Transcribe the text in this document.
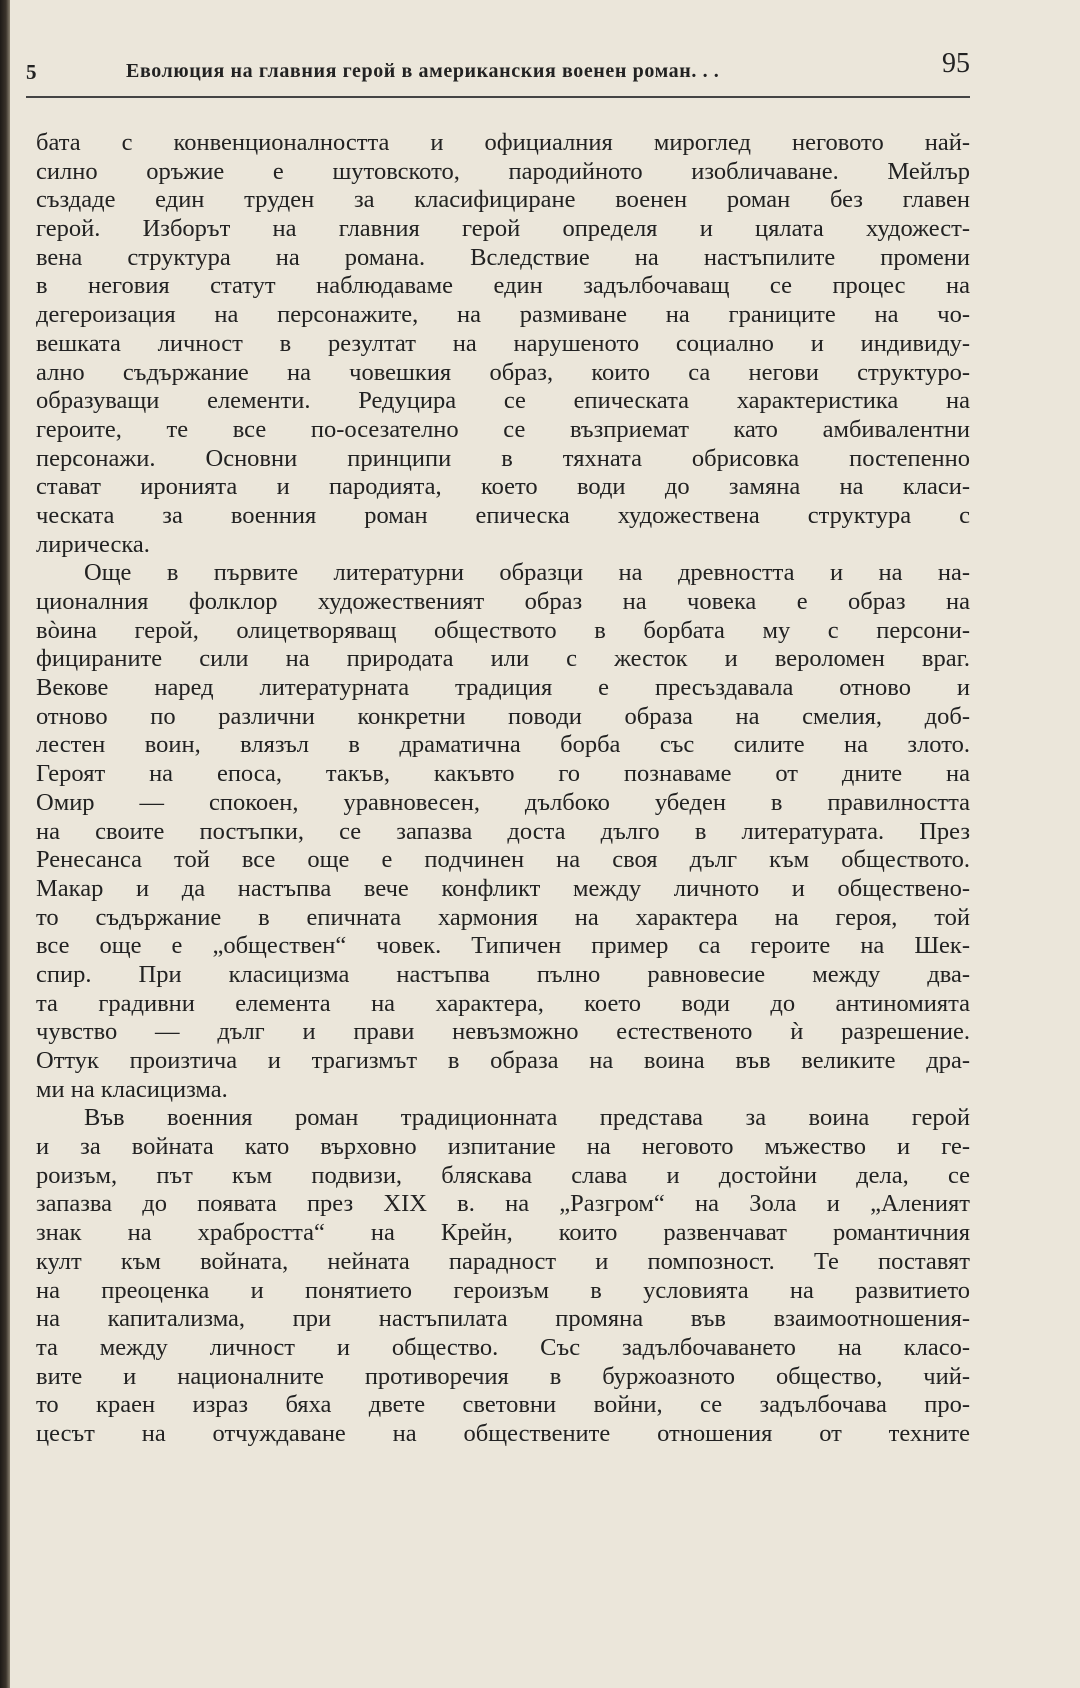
5	Еволюция на главния герой в американския военен роман. . .	95
бата с конвенционалността и официалния мироглед неговото най-
силно оръжие е шутовското, пародийното изобличаване. Мейлър
създаде един труден за класифициране военен роман без главен
герой. Изборът на главния герой определя и цялата художест-
вена структура на романа. Вследствие на настъпилите промени
в неговия статут наблюдаваме един задълбочаващ се процес на
дегероизация на персонажите, на размиване на границите на чо-
вешката личност в резултат на нарушеното социално и индивиду-
ално съдържание на човешкия образ, които са негови структуро-
образуващи елементи. Редуцира се епическата характеристика на
героите, те все по-осезателно се възприемат като амбивалентни
персонажи. Основни принципи в тяхната обрисовка постепенно
стават иронията и пародията, което води до замяна на класи-
ческата за военния роман епическа художествена структура с
лирическа.
Още в първите литературни образци на древността и на на-
ционалния фолклор художественият образ на човека е образ на
вòина герой, олицетворяващ обществото в борбата му с персони-
фицираните сили на природата или с жесток и вероломен враг.
Векове наред литературната традиция е пресъздавала отново и
отново по различни конкретни поводи образа на смелия, доб-
лестен воин, влязъл в драматична борба със силите на злото.
Героят на епоса, такъв, какъвто го познаваме от дните на
Омир — спокоен, уравновесен, дълбоко убеден в правилността
на своите постъпки, се запазва доста дълго в литературата. През
Ренесанса той все още е подчинен на своя дълг към обществото.
Макар и да настъпва вече конфликт между личното и обществено-
то съдържание в епичната хармония на характера на героя, той
все още е „обществен“ човек. Типичен пример са героите на Шек-
спир. При класицизма настъпва пълно равновесие между два-
та градивни елемента на характера, което води до антиномията
чувство — дълг и прави невъзможно естественото ѝ разрешение.
Оттук произтича и трагизмът в образа на воина във великите дра-
ми на класицизма.
Във военния роман традиционната представа за воина герой
и за войната като върховно изпитание на неговото мъжество и ге-
роизъм, път към подвизи, бляскава слава и достойни дела, се
запазва до появата през XIX в. на „Разгром“ на Зола и „Алeният
знак на храбростта“ на Крейн, които развенчават романтичния
култ към войната, нейната парадност и помпозност. Те поставят
на преоценка и понятието героизъм в условията на развитието
на капитализма, при настъпилата промяна във взаимоотношения-
та между личност и общество. Със задълбочаването на класо-
вите и националните противоречия в буржоазното общество, чий-
то краен израз бяха двете световни войни, се задълбочава про-
цесът на отчуждаване на обществените отношения от техните
